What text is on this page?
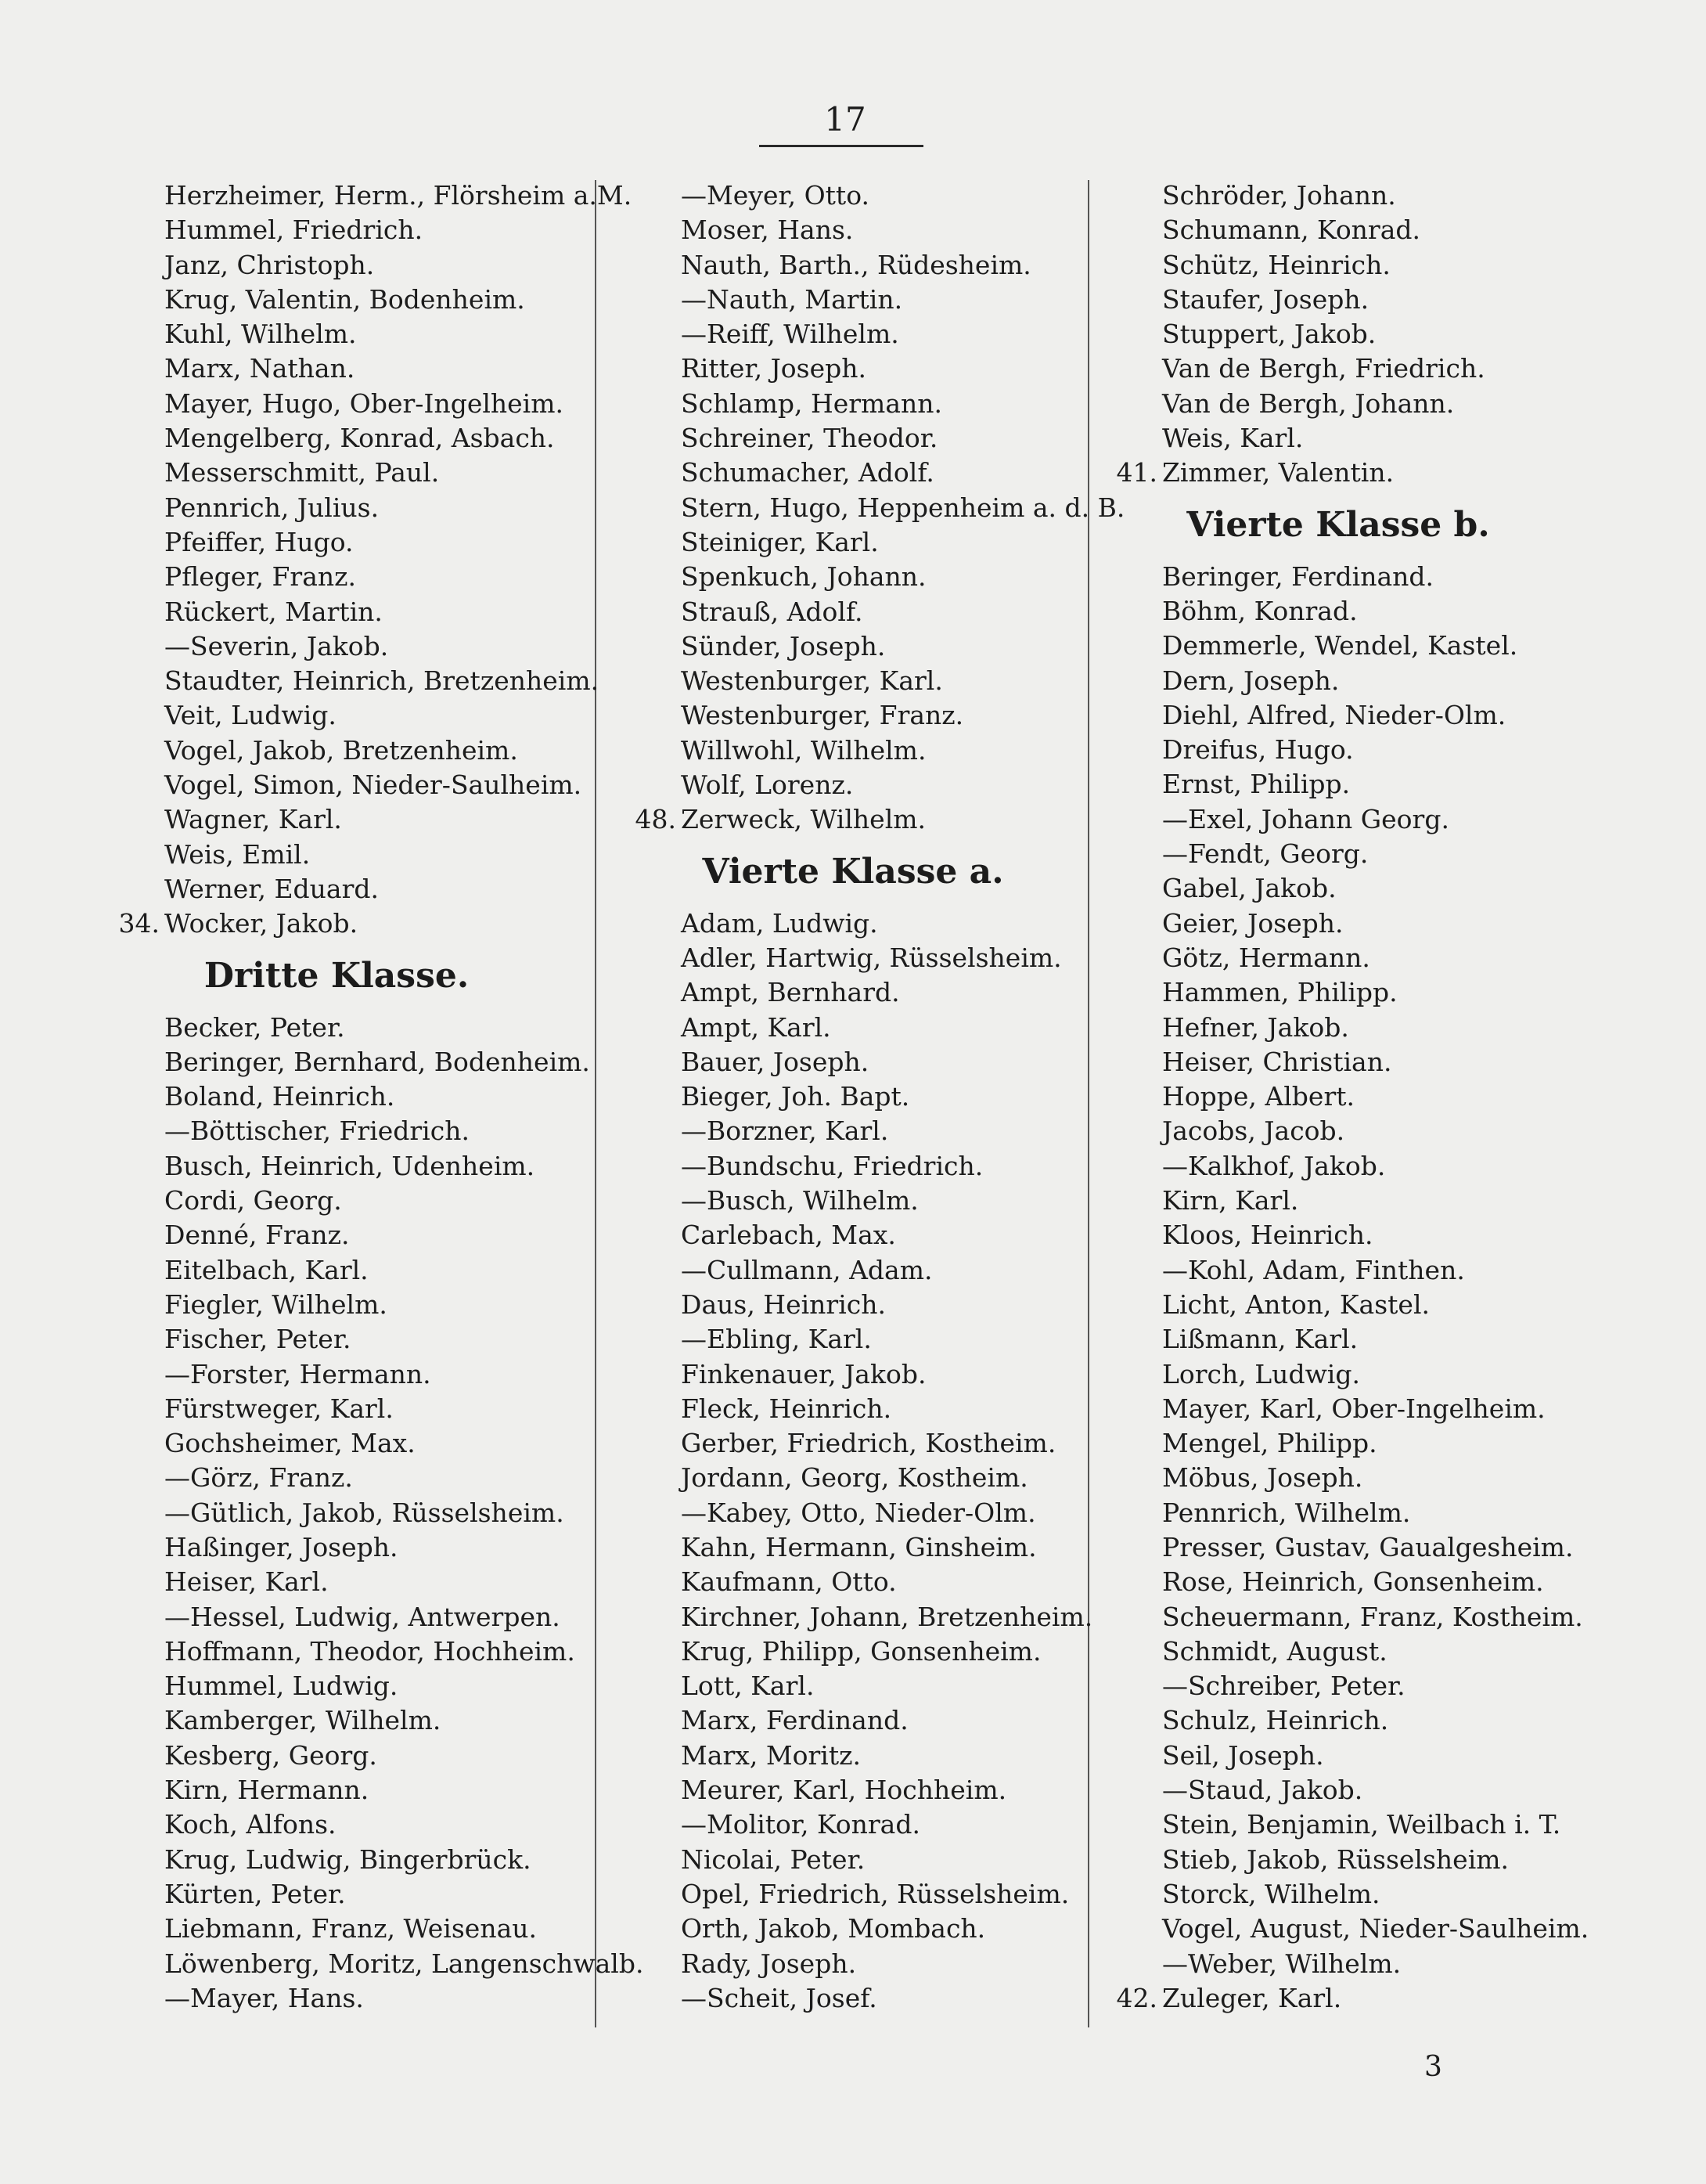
17
Herzheimer, Herm., Flörsheim a.M.
Hummel, Friedrich.
Janz, Christoph.
Krug, Valentin, Bodenheim.
Kuhl, Wilhelm.
Marx, Nathan.
Mayer, Hugo, Ober-Ingelheim.
Mengelberg, Konrad, Asbach.
Messerschmitt, Paul.
Pennrich, Julius.
Pfeiffer, Hugo.
Pfleger, Franz.
Rückert, Martin.
—Severin, Jakob.
Staudter, Heinrich, Bretzenheim.
Veit, Ludwig.
Vogel, Jakob, Bretzenheim.
Vogel, Simon, Nieder-Saulheim.
Wagner, Karl.
Weis, Emil.
Werner, Eduard.
34. Wocker, Jakob.
Dritte Klasse.
Becker, Peter.
Beringer, Bernhard, Bodenheim.
Boland, Heinrich.
—Böttischer, Friedrich.
Busch, Heinrich, Udenheim.
Cordi, Georg.
Denné, Franz.
Eitelbach, Karl.
Fiegler, Wilhelm.
Fischer, Peter.
—Forster, Hermann.
Fürstweger, Karl.
Gochsheimer, Max.
—Görz, Franz.
—Gütlich, Jakob, Rüsselsheim.
Haßinger, Joseph.
Heiser, Karl.
—Hessel, Ludwig, Antwerpen.
Hoffmann, Theodor, Hochheim.
Hummel, Ludwig.
Kamberger, Wilhelm.
Kesberg, Georg.
Kirn, Hermann.
Koch, Alfons.
Krug, Ludwig, Bingerbrück.
Kürten, Peter.
Liebmann, Franz, Weisenau.
Löwenberg, Moritz, Langenschwalb.
—Mayer, Hans.
—Meyer, Otto.
Moser, Hans.
Nauth, Barth., Rüdesheim.
—Nauth, Martin.
—Reiff, Wilhelm.
Ritter, Joseph.
Schlamp, Hermann.
Schreiner, Theodor.
Schumacher, Adolf.
Stern, Hugo, Heppenheim a. d. B.
Steiniger, Karl.
Spenkuch, Johann.
Strauß, Adolf.
Sünder, Joseph.
Westenburger, Karl.
Westenburger, Franz.
Willwohl, Wilhelm.
Wolf, Lorenz.
48. Zerweck, Wilhelm.
Vierte Klasse a.
Adam, Ludwig.
Adler, Hartwig, Rüsselsheim.
Ampt, Bernhard.
Ampt, Karl.
Bauer, Joseph.
Bieger, Joh. Bapt.
—Borzner, Karl.
—Bundschu, Friedrich.
—Busch, Wilhelm.
Carlebach, Max.
—Cullmann, Adam.
Daus, Heinrich.
—Ebling, Karl.
Finkenauer, Jakob.
Fleck, Heinrich.
Gerber, Friedrich, Kostheim.
Jordann, Georg, Kostheim.
—Kabey, Otto, Nieder-Olm.
Kahn, Hermann, Ginsheim.
Kaufmann, Otto.
Kirchner, Johann, Bretzenheim.
Krug, Philipp, Gonsenheim.
Lott, Karl.
Marx, Ferdinand.
Marx, Moritz.
Meurer, Karl, Hochheim.
—Molitor, Konrad.
Nicolai, Peter.
Opel, Friedrich, Rüsselsheim.
Orth, Jakob, Mombach.
Rady, Joseph.
—Scheit, Josef.
Schröder, Johann.
Schumann, Konrad.
Schütz, Heinrich.
Staufer, Joseph.
Stuppert, Jakob.
Van de Bergh, Friedrich.
Van de Bergh, Johann.
Weis, Karl.
41. Zimmer, Valentin.
Vierte Klasse b.
Beringer, Ferdinand.
Böhm, Konrad.
Demmerle, Wendel, Kastel.
Dern, Joseph.
Diehl, Alfred, Nieder-Olm.
Dreifus, Hugo.
Ernst, Philipp.
—Exel, Johann Georg.
—Fendt, Georg.
Gabel, Jakob.
Geier, Joseph.
Götz, Hermann.
Hammen, Philipp.
Hefner, Jakob.
Heiser, Christian.
Hoppe, Albert.
Jacobs, Jacob.
—Kalkhof, Jakob.
Kirn, Karl.
Kloos, Heinrich.
—Kohl, Adam, Finthen.
Licht, Anton, Kastel.
Lißmann, Karl.
Lorch, Ludwig.
Mayer, Karl, Ober-Ingelheim.
Mengel, Philipp.
Möbus, Joseph.
Pennrich, Wilhelm.
Presser, Gustav, Gaualgesheim.
Rose, Heinrich, Gonsenheim.
Scheuermann, Franz, Kostheim.
Schmidt, August.
—Schreiber, Peter.
Schulz, Heinrich.
Seil, Joseph.
—Staud, Jakob.
Stein, Benjamin, Weilbach i. T.
Stieb, Jakob, Rüsselsheim.
Storck, Wilhelm.
Vogel, August, Nieder-Saulheim.
—Weber, Wilhelm.
42. Zuleger, Karl.
3
